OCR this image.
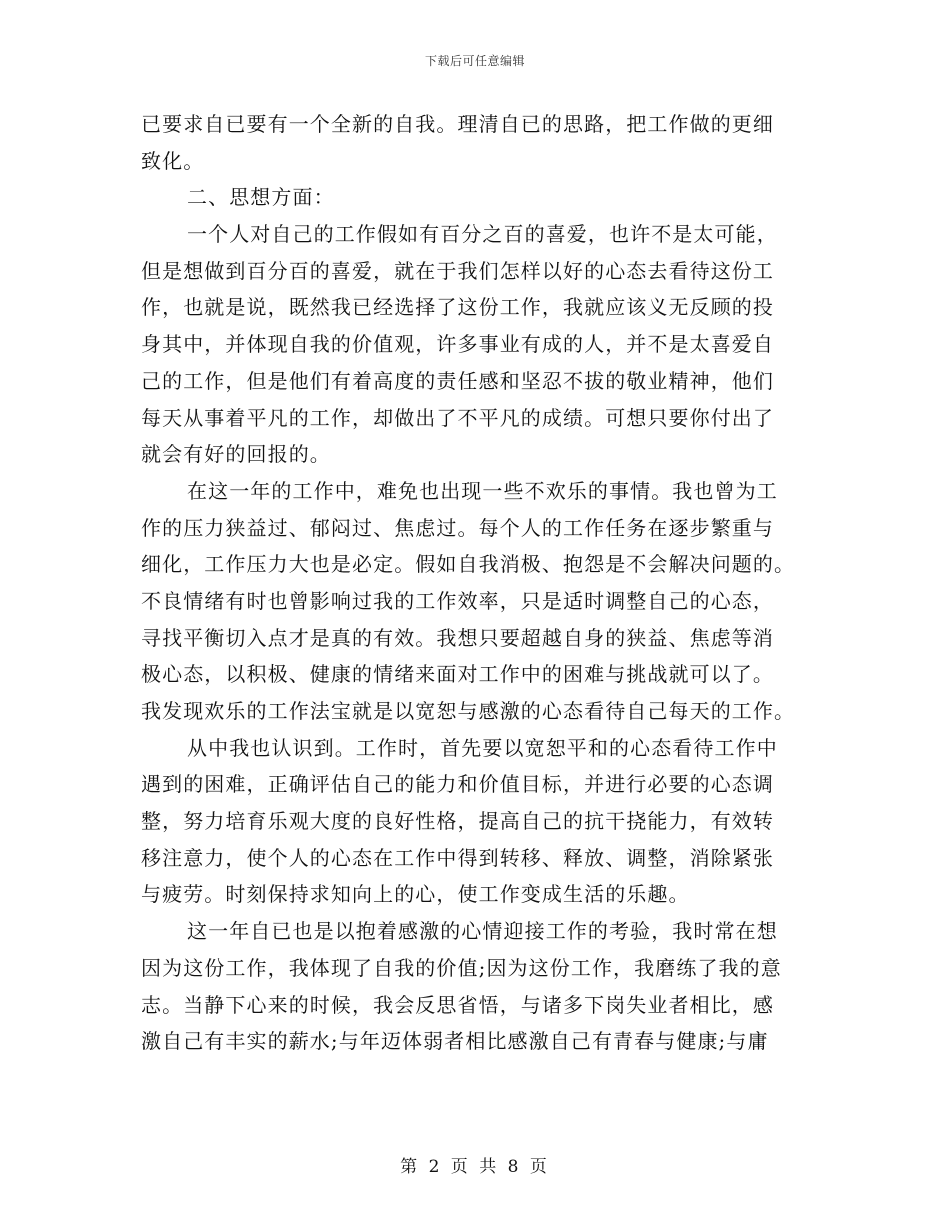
下载后可任意编辑
已要求自已要有一个全新的自我。理清自已的思路，把工作做的更细
致化。
二、思想方面：
一个人对自己的工作假如有百分之百的喜爱，也许不是太可能，
但是想做到百分百的喜爱，就在于我们怎样以好的心态去看待这份工
作，也就是说，既然我已经选择了这份工作，我就应该义无反顾的投
身其中，并体现自我的价值观，许多事业有成的人，并不是太喜爱自
己的工作，但是他们有着高度的责任感和坚忍不拔的敬业精神，他们
每天从事着平凡的工作，却做出了不平凡的成绩。可想只要你付出了
就会有好的回报的。
在这一年的工作中，难免也出现一些不欢乐的事情。我也曾为工
作的压力狭益过、郁闷过、焦虑过。每个人的工作任务在逐步繁重与
细化，工作压力大也是必定。假如自我消极、抱怨是不会解决问题的。
不良情绪有时也曾影响过我的工作效率，只是适时调整自己的心态，
寻找平衡切入点才是真的有效。我想只要超越自身的狭益、焦虑等消
极心态，以积极、健康的情绪来面对工作中的困难与挑战就可以了。
我发现欢乐的工作法宝就是以宽恕与感激的心态看待自己每天的工作。
从中我也认识到。工作时，首先要以宽恕平和的心态看待工作中
遇到的困难，正确评估自己的能力和价值目标，并进行必要的心态调
整，努力培育乐观大度的良好性格，提高自己的抗干挠能力，有效转
移注意力，使个人的心态在工作中得到转移、释放、调整，消除紧张
与疲劳。时刻保持求知向上的心，使工作变成生活的乐趣。
这一年自已也是以抱着感激的心情迎接工作的考验，我时常在想
因为这份工作，我体现了自我的价值;因为这份工作，我磨练了我的意
志。当静下心来的时候，我会反思省悟，与诸多下岗失业者相比，感
激自己有丰实的薪水;与年迈体弱者相比感激自己有青春与健康;与庸
第 2 页 共 8 页
